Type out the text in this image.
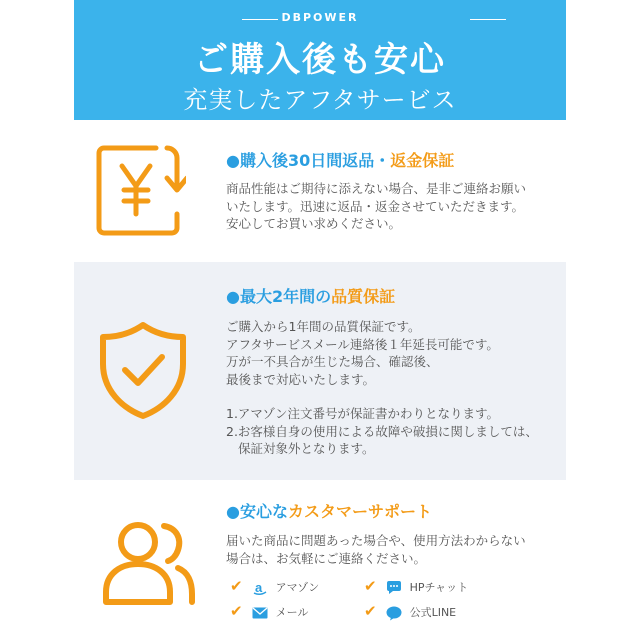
DBPOWER
ご購入後も安心
充実したアフタサービス
●購入後30日間返品・返金保証

商品性能はご期待に添えない場合、是非ご連絡お願い

いたします。迅速に返品・返金させていただきます。

安心してお買い求めください。

●最大2年間の品質保証

ご購入から1年間の品質保証です。

アフタサービスメール連絡後１年延長可能です。

万が一不具合が生じた場合、確認後、

最後まで対応いたします。

1.アマゾン注文番号が保証書かわりとなります。

2.お客様自身の使用による故障や破損に関しましては、

保証対象外となります。

●安心なカスタマーサポート

届いた商品に問題あった場合や、使用方法わからない

場合は、お気軽にご連絡ください。

✔ a アマゾン	✔	HPチャット
✔	メール	✔	公式LINE
